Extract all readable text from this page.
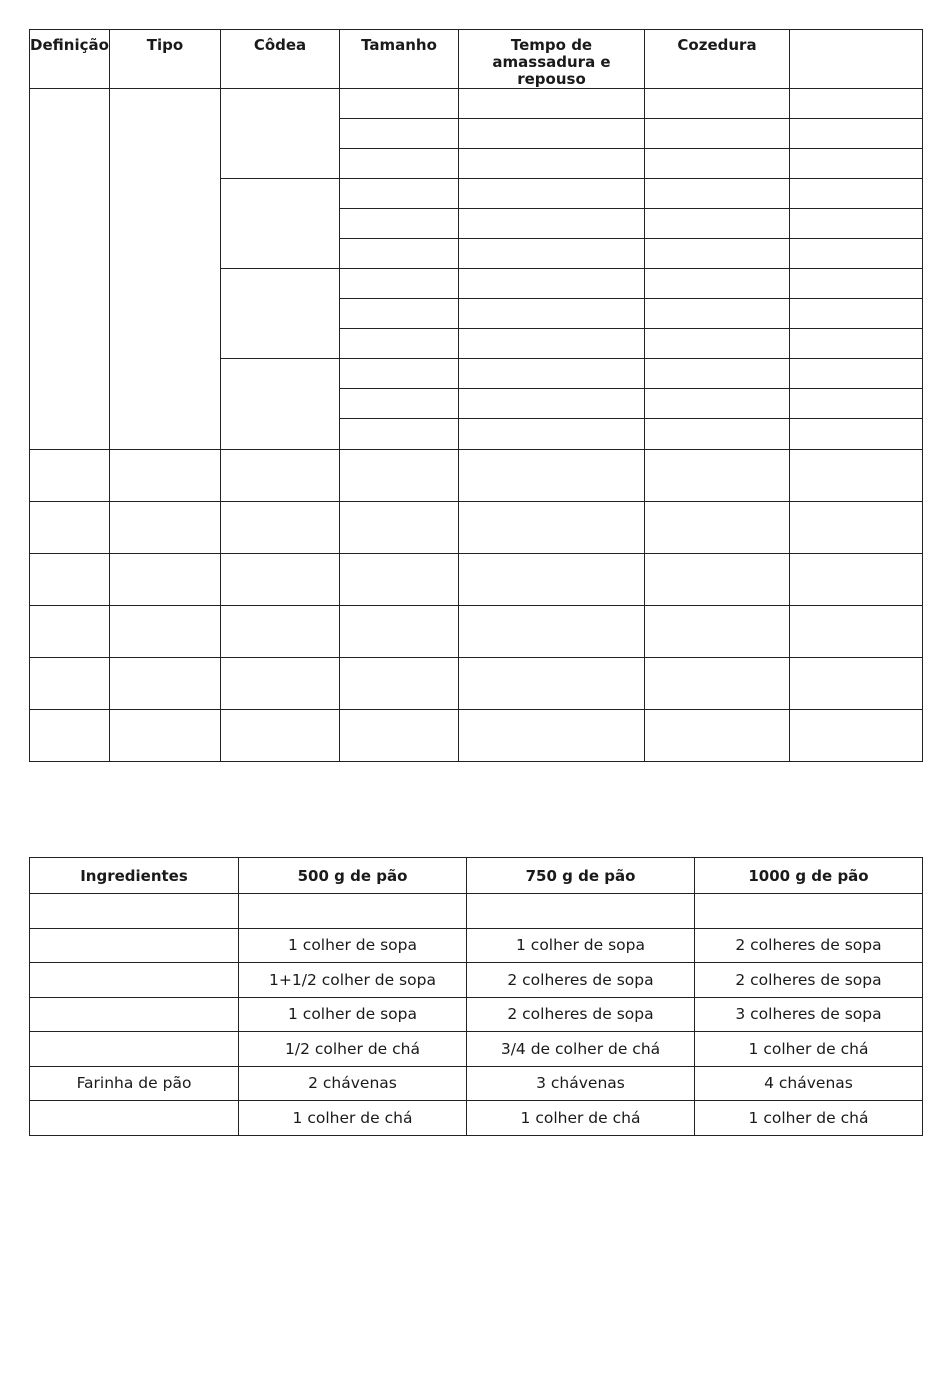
Definição	Tipo	Côdea	Tamanho	Tempo de amassadura e repouso	Cozedura	

Ingredientes	500 g de pão	750 g de pão	1000 g de pão

	1 colher de sopa	1 colher de sopa	2 colheres de sopa
	1+1/2 colher de sopa	2 colheres de sopa	2 colheres de sopa
	1 colher de sopa	2 colheres de sopa	3 colheres de sopa
	1/2 colher de chá	3/4 de colher de chá	1 colher de chá
Farinha de pão	2 chávenas	3 chávenas	4 chávenas
	1 colher de chá	1 colher de chá	1 colher de chá
